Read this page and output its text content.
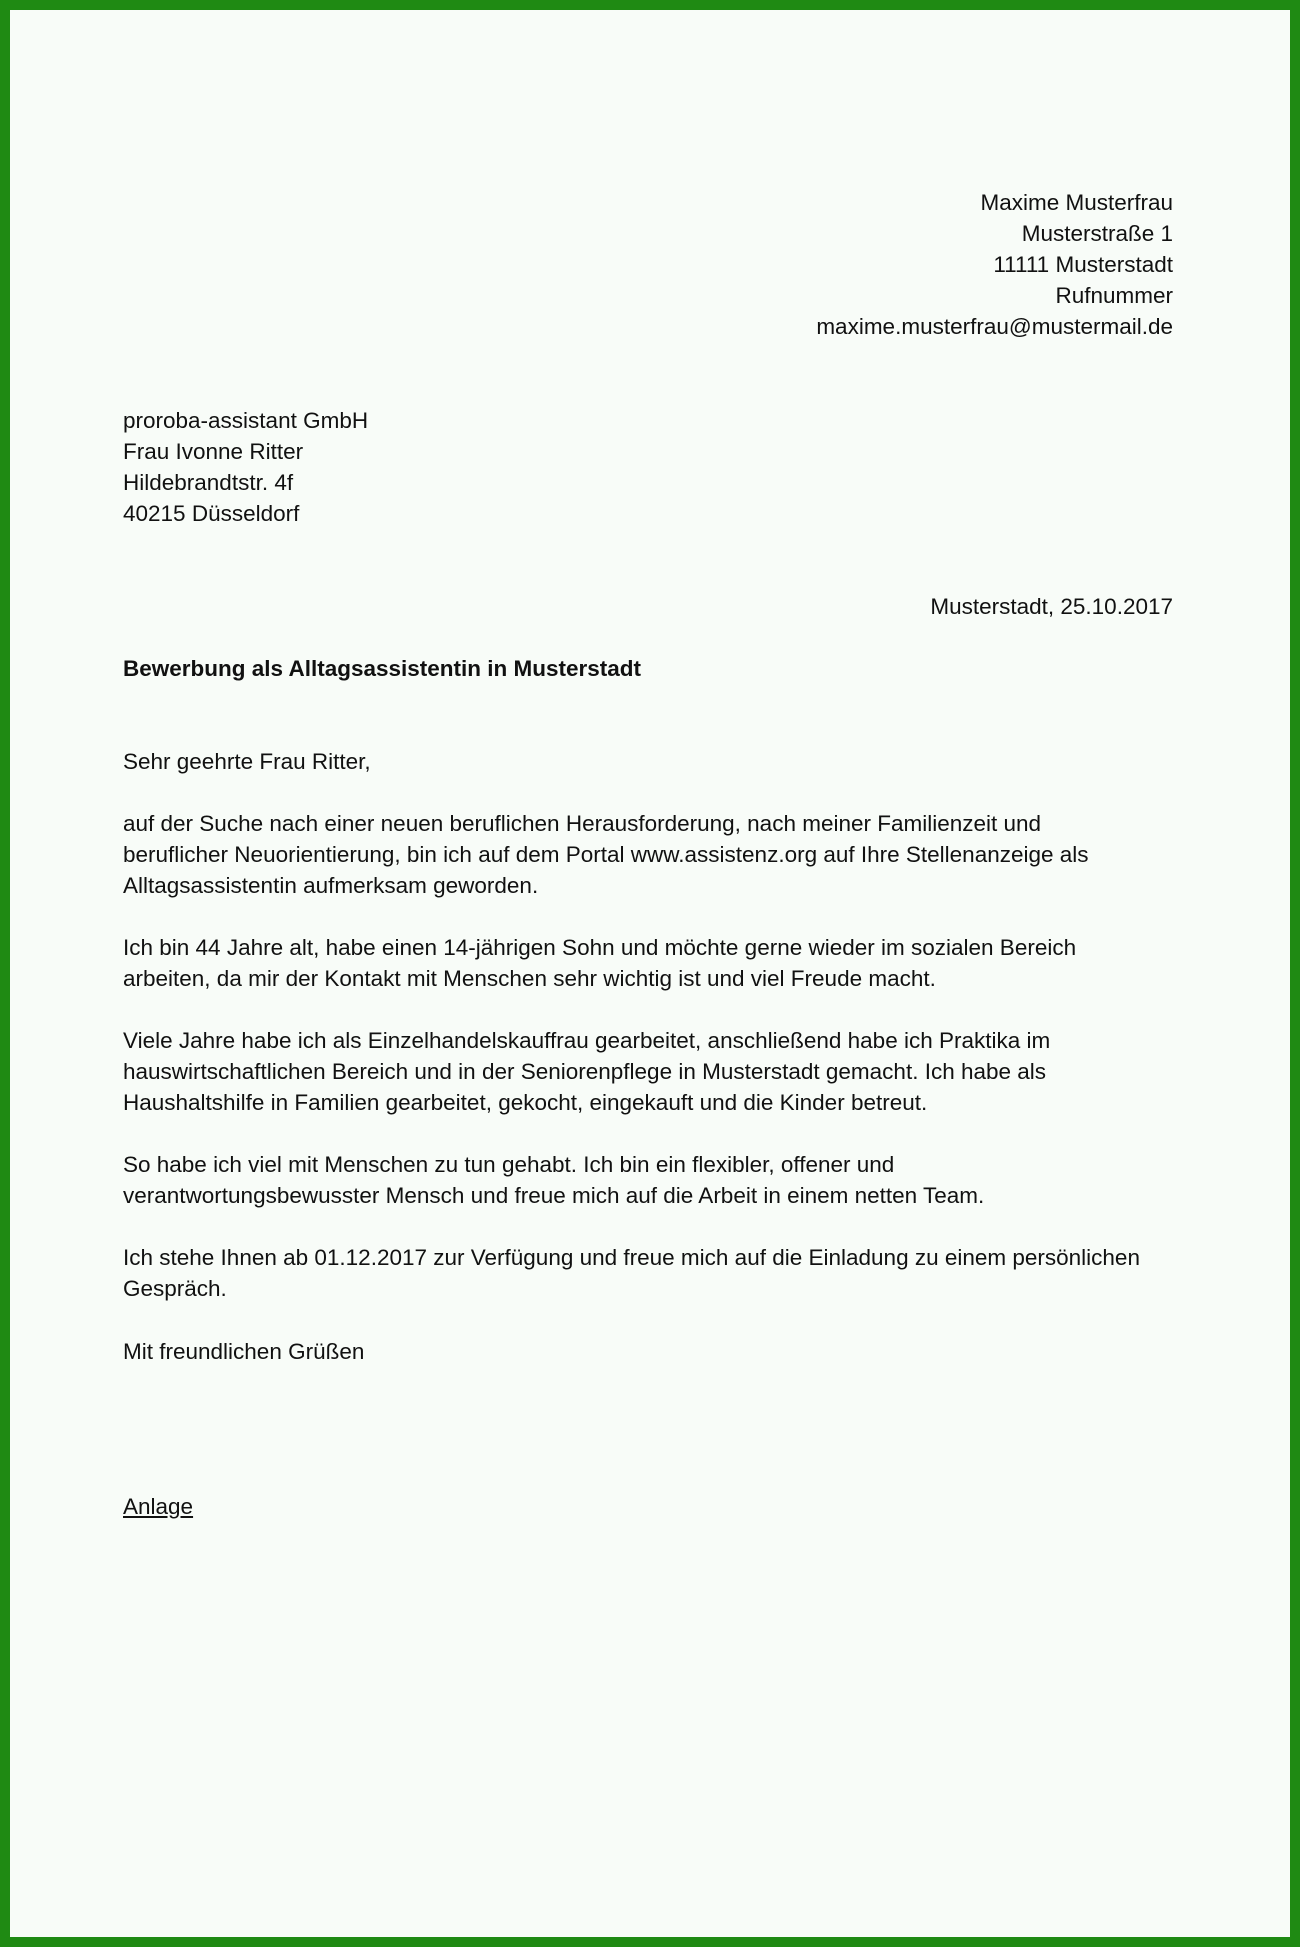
Maxime Musterfrau
Musterstraße 1
11111 Musterstadt
Rufnummer
maxime.musterfrau@mustermail.de
proroba-assistant GmbH
Frau Ivonne Ritter
Hildebrandtstr. 4f
40215 Düsseldorf
Musterstadt, 25.10.2017
Bewerbung als Alltagsassistentin in Musterstadt
Sehr geehrte Frau Ritter,

auf der Suche nach einer neuen beruflichen Herausforderung, nach meiner Familienzeit und
beruflicher Neuorientierung, bin ich auf dem Portal www.assistenz.org auf Ihre Stellenanzeige als
Alltagsassistentin aufmerksam geworden.

Ich bin 44 Jahre alt, habe einen 14-jährigen Sohn und möchte gerne wieder im sozialen Bereich
arbeiten, da mir der Kontakt mit Menschen sehr wichtig ist und viel Freude macht.

Viele Jahre habe ich als Einzelhandelskauffrau gearbeitet, anschließend habe ich Praktika im
hauswirtschaftlichen Bereich und in der Seniorenpflege in Musterstadt gemacht. Ich habe als
Haushaltshilfe in Familien gearbeitet, gekocht, eingekauft und die Kinder betreut.

So habe ich viel mit Menschen zu tun gehabt. Ich bin ein flexibler, offener und
verantwortungsbewusster Mensch und freue mich auf die Arbeit in einem netten Team.

Ich stehe Ihnen ab 01.12.2017 zur Verfügung und freue mich auf die Einladung zu einem persönlichen
Gespräch.

Mit freundlichen Grüßen
Anlage
